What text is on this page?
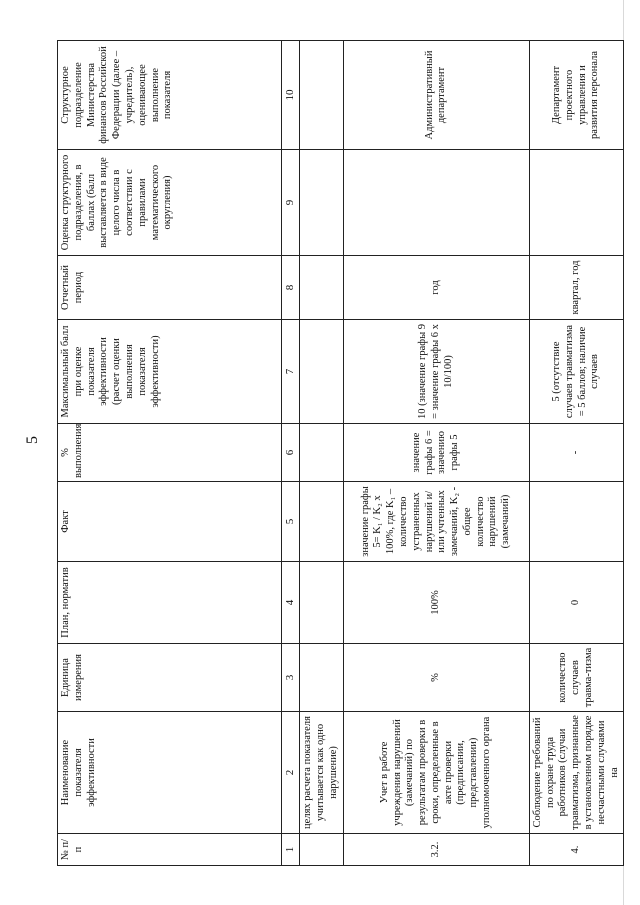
5
№ п/п	Наименование показателя эффективности	Единица измерения	План, норматив	Факт	% выполнения	Максимальный балл при оценке показателя эффективности (расчет оценки выполнения показателя эффективности)	Отчетный период	Оценка структурного подразделения, в баллах (балл выставляется в виде целого числа в соответствии с правилами математического округления)	Структурное подразделение Министерства финансов Российской Федерации (далее – учредитель), оценивающее выполнение показателя
1	2	3	4	5	6	7	8	9	10
	целях расчета показателя учитывается как одно нарушение)								
3.2.	Учет в работе учреждения нарушений (замечаний) по результатам проверки в сроки, определенные в акте проверки (предписании, представлении) уполномоченного органа	%	100%	значение графы 5= K₁ / K₂ x 100%, где K₁ – количество устраненных нарушений и/или учтенных замечаний, K₂ - общее количество нарушений (замечаний)	значение графы 6 = значению графы 5	10 (значение графы 9 = значение графы 6 x 10/100)	год		Административный департамент
4.	Соблюдение требований по охране труда работников (случаи травматизма, признанные в установленном порядке несчастными случаями на	количество случаев травма-тизма	0		-	5 (отсутствие случаев травматизма = 5 баллов; наличие случаев	квартал, год		Департамент проектного управления и развития персонала
